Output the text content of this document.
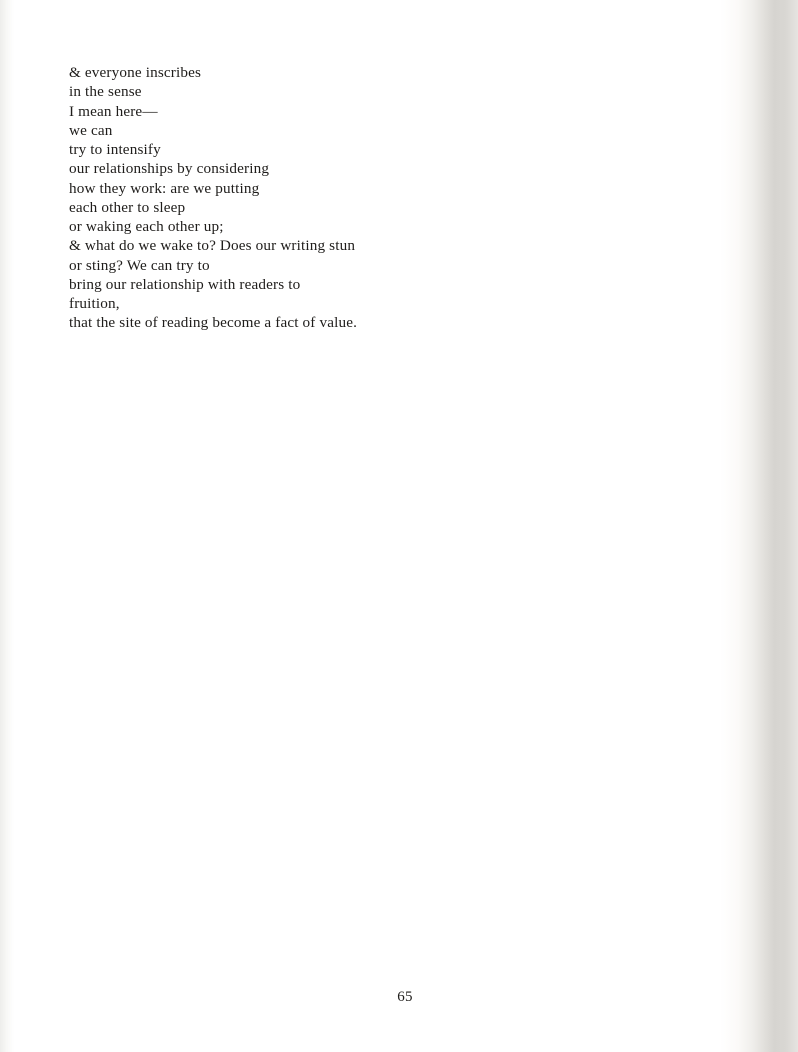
& everyone inscribes
in the sense
I mean here—
we can
try to intensify
our relationships by considering
how they work: are we putting
each other to sleep
or waking each other up;
& what do we wake to? Does our writing stun
or sting? We can try to
bring our relationship with readers to
fruition,
that the site of reading become a fact of value.
65
